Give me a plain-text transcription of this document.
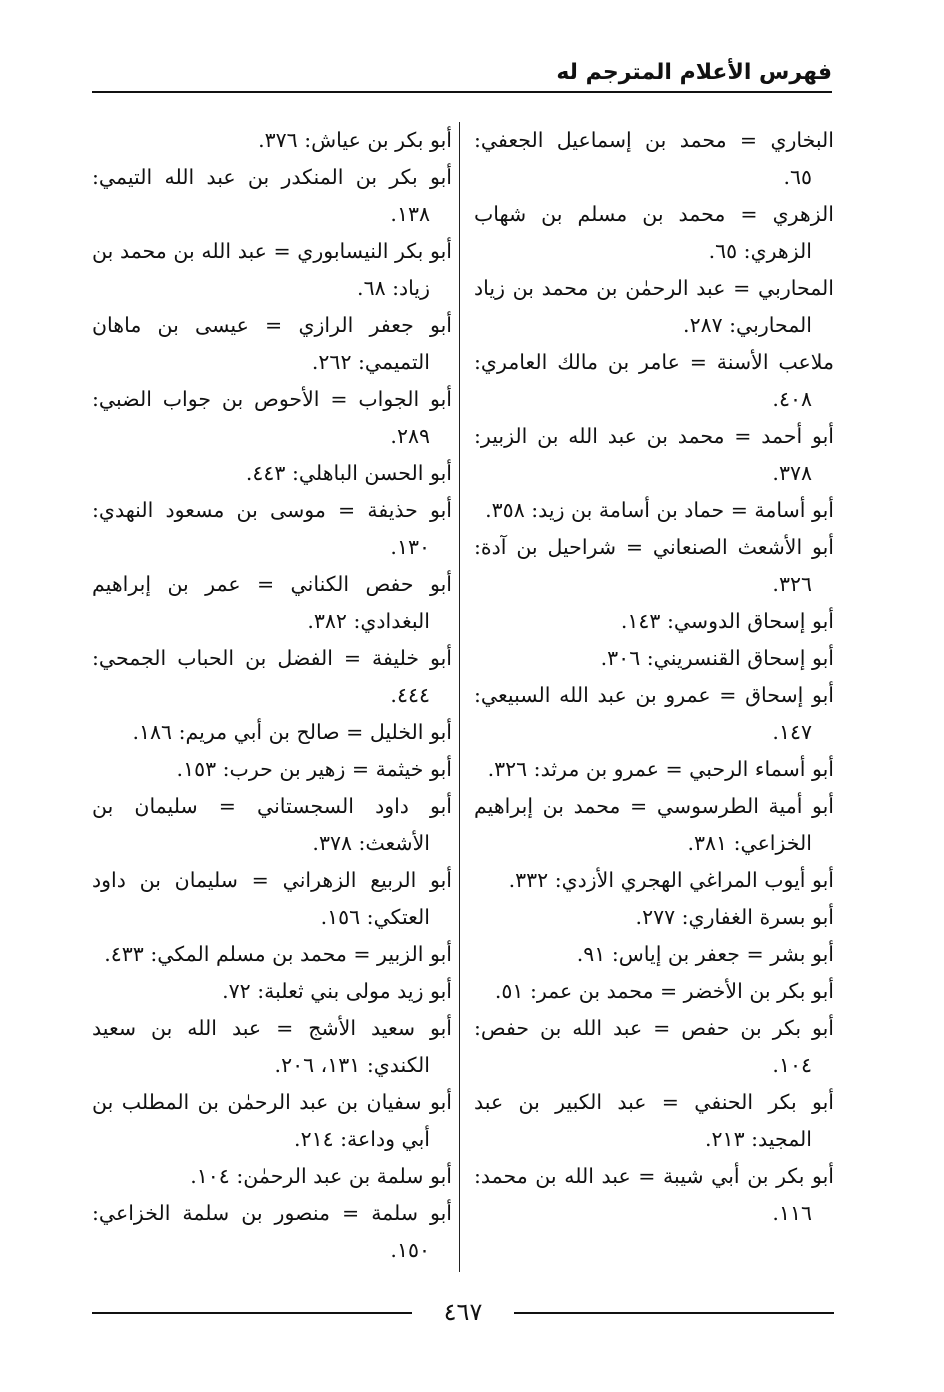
فهرس الأعلام المترجم له

البخاري = محمد بن إسماعيل الجعفي: ٦٥.

الزهري = محمد بن مسلم بن شهاب الزهري: ٦٥.

المحاربي = عبد الرحمٰن بن محمد بن زياد المحاربي: ٢٨٧.

ملاعب الأسنة = عامر بن مالك العامري: ٤٠٨.

أبو أحمد = محمد بن عبد الله بن الزبير: ٣٧٨.

أبو أسامة = حماد بن أسامة بن زيد: ٣٥٨.

أبو الأشعث الصنعاني = شراحيل بن آدة: ٣٢٦.

أبو إسحاق الدوسي: ١٤٣.

أبو إسحاق القنسريني: ٣٠٦.

أبو إسحاق = عمرو بن عبد الله السبيعي: ١٤٧.

أبو أسماء الرحبي = عمرو بن مرثد: ٣٢٦.

أبو أمية الطرسوسي = محمد بن إبراهيم الخزاعي: ٣٨١.

أبو أيوب المراغي الهجري الأزدي: ٣٣٢.

أبو بسرة الغفاري: ٢٧٧.

أبو بشر = جعفر بن إياس: ٩١.

أبو بكر بن الأخضر = محمد بن عمر: ٥١.

أبو بكر بن حفص = عبد الله بن حفص: ١٠٤.

أبو بكر الحنفي = عبد الكبير بن عبد المجيد: ٢١٣.

أبو بكر بن أبي شيبة = عبد الله بن محمد: ١١٦.

أبو بكر بن عياش: ٣٧٦.

أبو بكر بن المنكدر بن عبد الله التيمي: ١٣٨.

أبو بكر النيسابوري = عبد الله بن محمد بن زياد: ٦٨.

أبو جعفر الرازي = عيسى بن ماهان التميمي: ٢٦٢.

أبو الجواب = الأحوص بن جواب الضبي: ٢٨٩.

أبو الحسن الباهلي: ٤٤٣.

أبو حذيفة = موسى بن مسعود النهدي: ١٣٠.

أبو حفص الكناني = عمر بن إبراهيم البغدادي: ٣٨٢.

أبو خليفة = الفضل بن الحباب الجمحي: ٤٤٤.

أبو الخليل = صالح بن أبي مريم: ١٨٦.

أبو خيثمة = زهير بن حرب: ١٥٣.

أبو داود السجستاني = سليمان بن الأشعث: ٣٧٨.

أبو الربيع الزهراني = سليمان بن داود العتكي: ١٥٦.

أبو الزبير = محمد بن مسلم المكي: ٤٣٣.

أبو زيد مولى بني ثعلبة: ٧٢.

أبو سعيد الأشج = عبد الله بن سعيد الكندي: ١٣١، ٢٠٦.

أبو سفيان بن عبد الرحمٰن بن المطلب بن أبي وداعة: ٢١٤.

أبو سلمة بن عبد الرحمٰن: ١٠٤.

أبو سلمة = منصور بن سلمة الخزاعي: ١٥٠.

٤٦٧
